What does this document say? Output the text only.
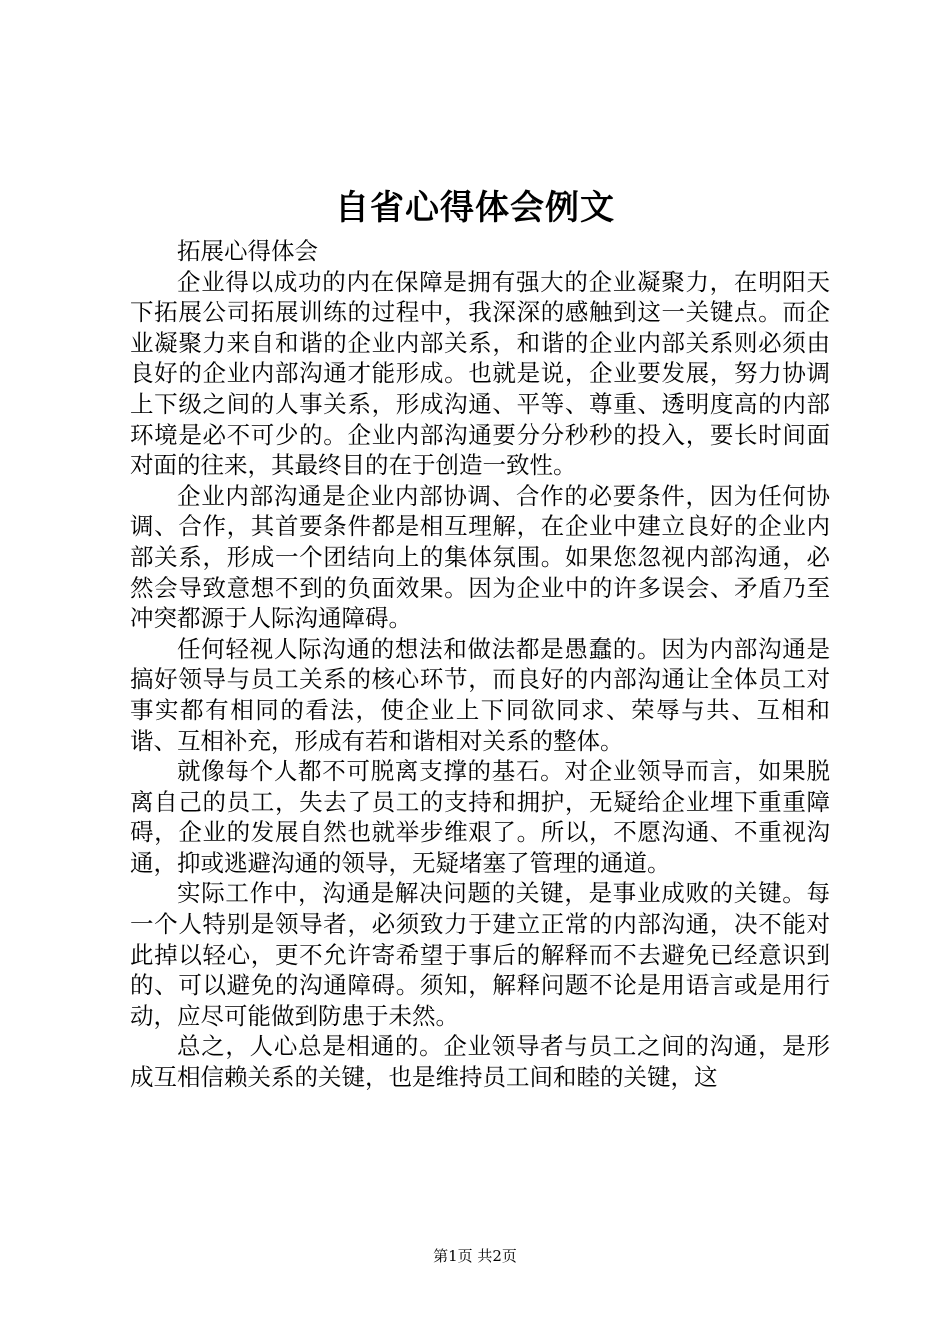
自省心得体会例文

拓展心得体会

企业得以成功的内在保障是拥有强大的企业凝聚力，在明阳天下拓展公司拓展训练的过程中，我深深的感触到这一关键点。而企业凝聚力来自和谐的企业内部关系，和谐的企业内部关系则必须由良好的企业内部沟通才能形成。也就是说，企业要发展，努力协调上下级之间的人事关系，形成沟通、平等、尊重、透明度高的内部环境是必不可少的。企业内部沟通要分分秒秒的投入，要长时间面对面的往来，其最终目的在于创造一致性。

企业内部沟通是企业内部协调、合作的必要条件，因为任何协调、合作，其首要条件都是相互理解，在企业中建立良好的企业内部关系，形成一个团结向上的集体氛围。如果您忽视内部沟通，必然会导致意想不到的负面效果。因为企业中的许多误会、矛盾乃至冲突都源于人际沟通障碍。

任何轻视人际沟通的想法和做法都是愚蠢的。因为内部沟通是搞好领导与员工关系的核心环节，而良好的内部沟通让全体员工对事实都有相同的看法，使企业上下同欲同求、荣辱与共、互相和谐、互相补充，形成有若和谐相对关系的整体。

就像每个人都不可脱离支撑的基石。对企业领导而言，如果脱离自己的员工，失去了员工的支持和拥护，无疑给企业埋下重重障碍，企业的发展自然也就举步维艰了。所以，不愿沟通、不重视沟通，抑或逃避沟通的领导，无疑堵塞了管理的通道。

实际工作中，沟通是解决问题的关键，是事业成败的关键。每一个人特别是领导者，必须致力于建立正常的内部沟通，决不能对此掉以轻心，更不允许寄希望于事后的解释而不去避免已经意识到的、可以避免的沟通障碍。须知，解释问题不论是用语言或是用行动，应尽可能做到防患于未然。

总之，人心总是相通的。企业领导者与员工之间的沟通，是形成互相信赖关系的关键，也是维持员工间和睦的关键，这

第1页 共2页
